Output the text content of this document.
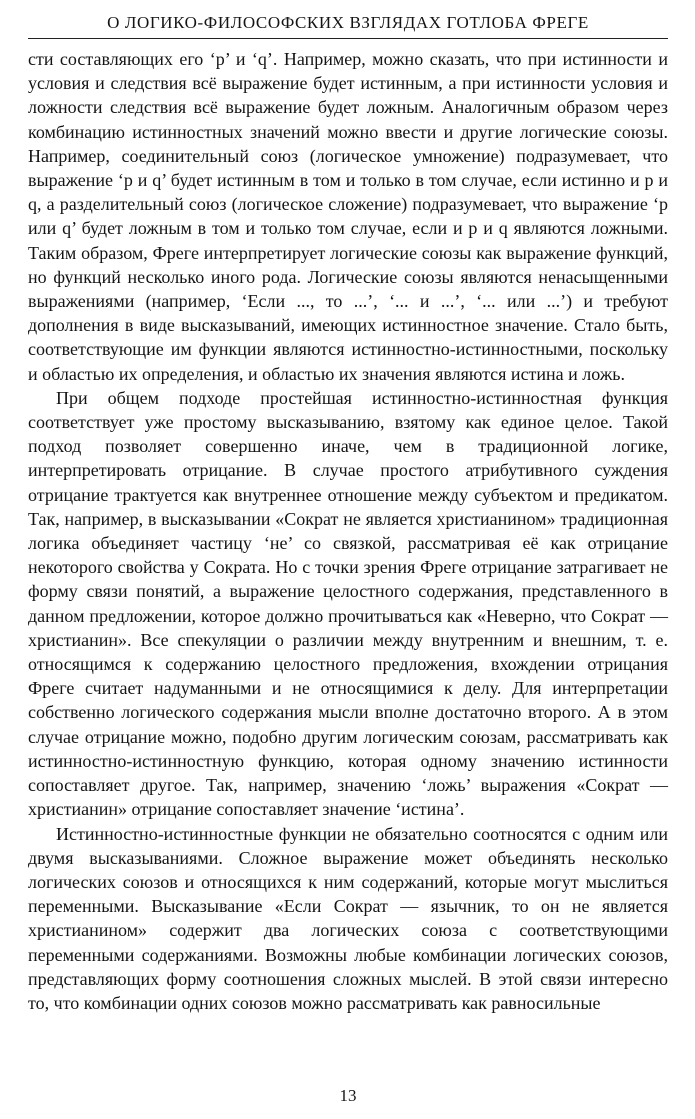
О ЛОГИКО-ФИЛОСОФСКИХ ВЗГЛЯДАХ ГОТЛОБА ФРЕГЕ

сти составляющих его ‘p’ и ‘q’. Например, можно сказать, что при истинности и условия и следствия всё выражение будет истинным, а при истинности условия и ложности следствия всё выражение будет ложным. Аналогичным образом через комбинацию истинностных значений можно ввести и другие логические союзы. Например, соединительный союз (логическое умножение) подразумевает, что выражение ‘p и q’ будет истинным в том и только в том случае, если истинно и p и q, а разделительный союз (логическое сложение) подразумевает, что выражение ‘p или q’ будет ложным в том и только том случае, если и p и q являются ложными. Таким образом, Фреге интерпретирует логические союзы как выражение функций, но функций несколько иного рода. Логические союзы являются ненасыщенными выражениями (например, ‘Если ..., то ...’, ‘... и ...’, ‘... или ...’) и требуют дополнения в виде высказываний, имеющих истинностное значение. Стало быть, соответствующие им функции являются истинностно-истинностными, поскольку и областью их определения, и областью их значения являются истина и ложь.

При общем подходе простейшая истинностно-истинностная функция соответствует уже простому высказыванию, взятому как единое целое. Такой подход позволяет совершенно иначе, чем в традиционной логике, интерпретировать отрицание. В случае простого атрибутивного суждения отрицание трактуется как внутреннее отношение между субъектом и предикатом. Так, например, в высказывании «Сократ не является христианином» традиционная логика объединяет частицу ‘не’ со связкой, рассматривая её как отрицание некоторого свойства у Сократа. Но с точки зрения Фреге отрицание затрагивает не форму связи понятий, а выражение целостного содержания, представленного в данном предложении, которое должно прочитываться как «Неверно, что Сократ — христианин». Все спекуляции о различии между внутренним и внешним, т. е. относящимся к содержанию целостного предложения, вхождении отрицания Фреге считает надуманными и не относящимися к делу. Для интерпретации собственно логического содержания мысли вполне достаточно второго. А в этом случае отрицание можно, подобно другим логическим союзам, рассматривать как истинностно-истинностную функцию, которая одному значению истинности сопоставляет другое. Так, например, значению ‘ложь’ выражения «Сократ — христианин» отрицание сопоставляет значение ‘истина’.

Истинностно-истинностные функции не обязательно соотносятся с одним или двумя высказываниями. Сложное выражение может объединять несколько логических союзов и относящихся к ним содержаний, которые могут мыслиться переменными. Высказывание «Если Сократ — язычник, то он не является христианином» содержит два логических союза с соответствующими переменными содержаниями. Возможны любые комбинации логических союзов, представляющих форму соотношения сложных мыслей. В этой связи интересно то, что комбинации одних союзов можно рассматривать как равносильные

13
